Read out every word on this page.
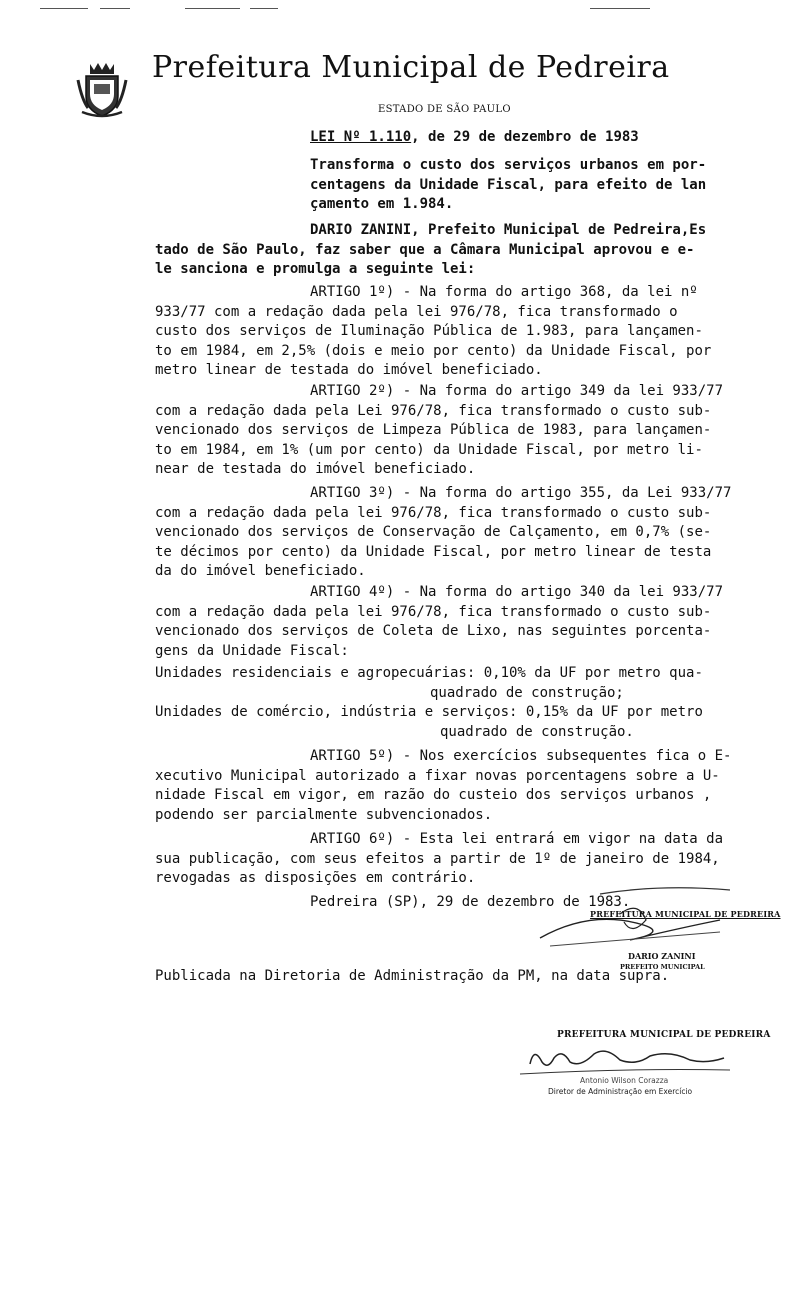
Prefeitura Municipal de Pedreira
ESTADO DE SÃO PAULO
LEI Nº 1.110, de 29 de dezembro de 1983
Transforma o custo dos serviços urbanos em por-
centagens da Unidade Fiscal, para efeito de lan
çamento em 1.984.
DARIO ZANINI, Prefeito Municipal de Pedreira,Es
tado de São Paulo, faz saber que a Câmara Municipal aprovou e e-
le sanciona e promulga a seguinte lei:
ARTIGO 1º) - Na forma do artigo 368, da lei nº
933/77 com a redação dada pela lei 976/78, fica transformado o
custo dos serviços de Iluminação Pública de 1.983, para lançamen-
to em 1984, em 2,5% (dois e meio por cento) da Unidade Fiscal, por
metro linear de testada do imóvel beneficiado.
ARTIGO 2º) - Na forma do artigo 349 da lei 933/77
com a redação dada pela Lei 976/78, fica transformado o custo sub-
vencionado dos serviços de Limpeza Pública de 1983, para lançamen-
to em 1984, em 1% (um por cento) da Unidade Fiscal, por metro li-
near de testada do imóvel beneficiado.
ARTIGO 3º) - Na forma do artigo 355, da Lei 933/77
com a redação dada pela lei 976/78, fica transformado o custo sub-
vencionado dos serviços de Conservação de Calçamento, em 0,7% (se-
te décimos por cento) da Unidade Fiscal, por metro linear de testa
da do imóvel beneficiado.
ARTIGO 4º) - Na forma do artigo 340 da lei 933/77
com a redação dada pela lei 976/78, fica transformado o custo sub-
vencionado dos serviços de Coleta de Lixo, nas seguintes porcenta-
gens da Unidade Fiscal:
Unidades residenciais e agropecuárias: 0,10% da UF por metro qua-
quadrado de construção;
Unidades de comércio, indústria e serviços: 0,15% da UF por metro
quadrado de construção.
ARTIGO 5º) - Nos exercícios subsequentes fica o E-
xecutivo Municipal autorizado a fixar novas porcentagens sobre a U-
nidade Fiscal em vigor, em razão do custeio dos serviços urbanos ,
podendo ser parcialmente subvencionados.
ARTIGO 6º) - Esta lei entrará em vigor na data da
sua publicação, com seus efeitos a partir de 1º de janeiro de 1984,
revogadas as disposições em contrário.
Pedreira (SP), 29 de dezembro de 1983.
PREFEITURA MUNICIPAL DE PEDREIRA
DARIO ZANINI
PREFEITO MUNICIPAL
Publicada na Diretoria de Administração da PM, na data supra.
PREFEITURA MUNICIPAL DE PEDREIRA
Antonio Wilson Corazza
Diretor de Administração em Exercício
